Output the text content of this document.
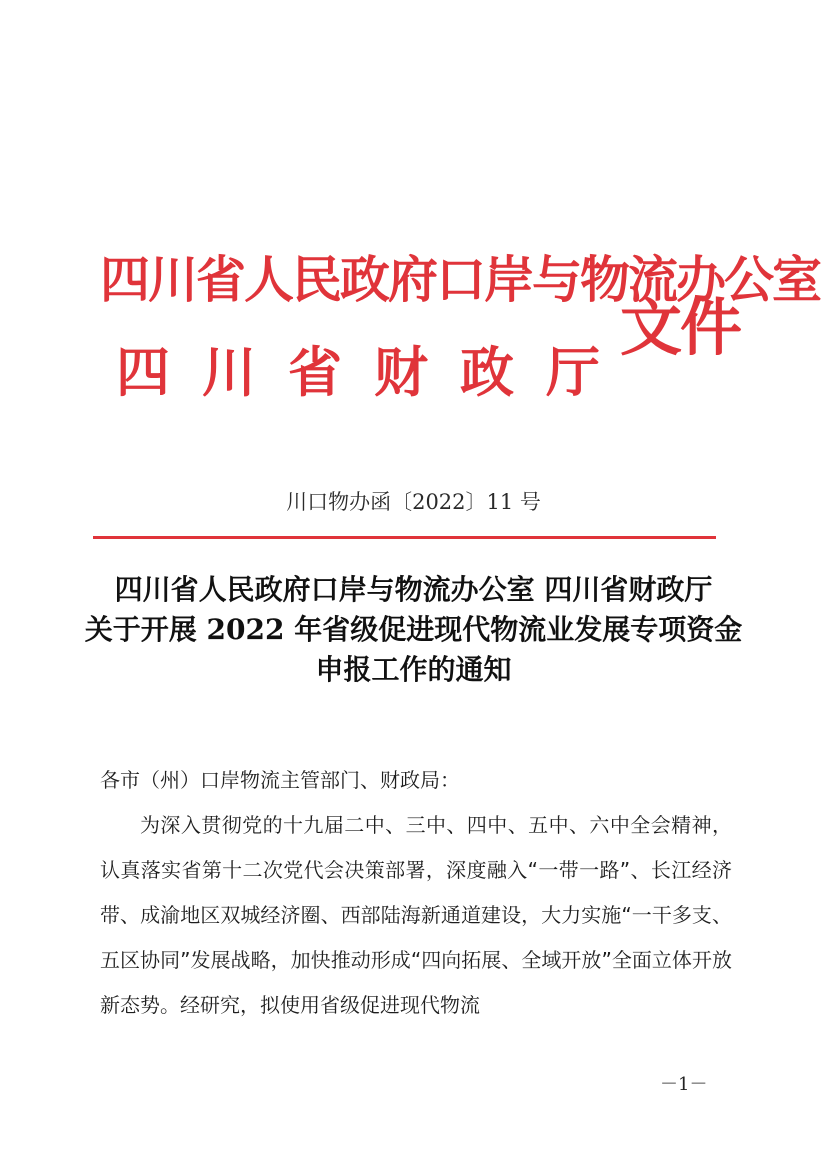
四川省人民政府口岸与物流办公室
四 川 省 财 政 厅
文件
川口物办函〔2022〕11 号
四川省人民政府口岸与物流办公室 四川省财政厅
关于开展 2022 年省级促进现代物流业发展专项资金
申报工作的通知
各市（州）口岸物流主管部门、财政局：

为深入贯彻党的十九届二中、三中、四中、五中、六中全会精神，认真落实省第十二次党代会决策部署，深度融入“一带一路”、长江经济带、成渝地区双城经济圈、西部陆海新通道建设，大力实施“一干多支、五区协同”发展战略，加快推动形成“四向拓展、全域开放”全面立体开放新态势。经研究，拟使用省级促进现代物流

－1－
